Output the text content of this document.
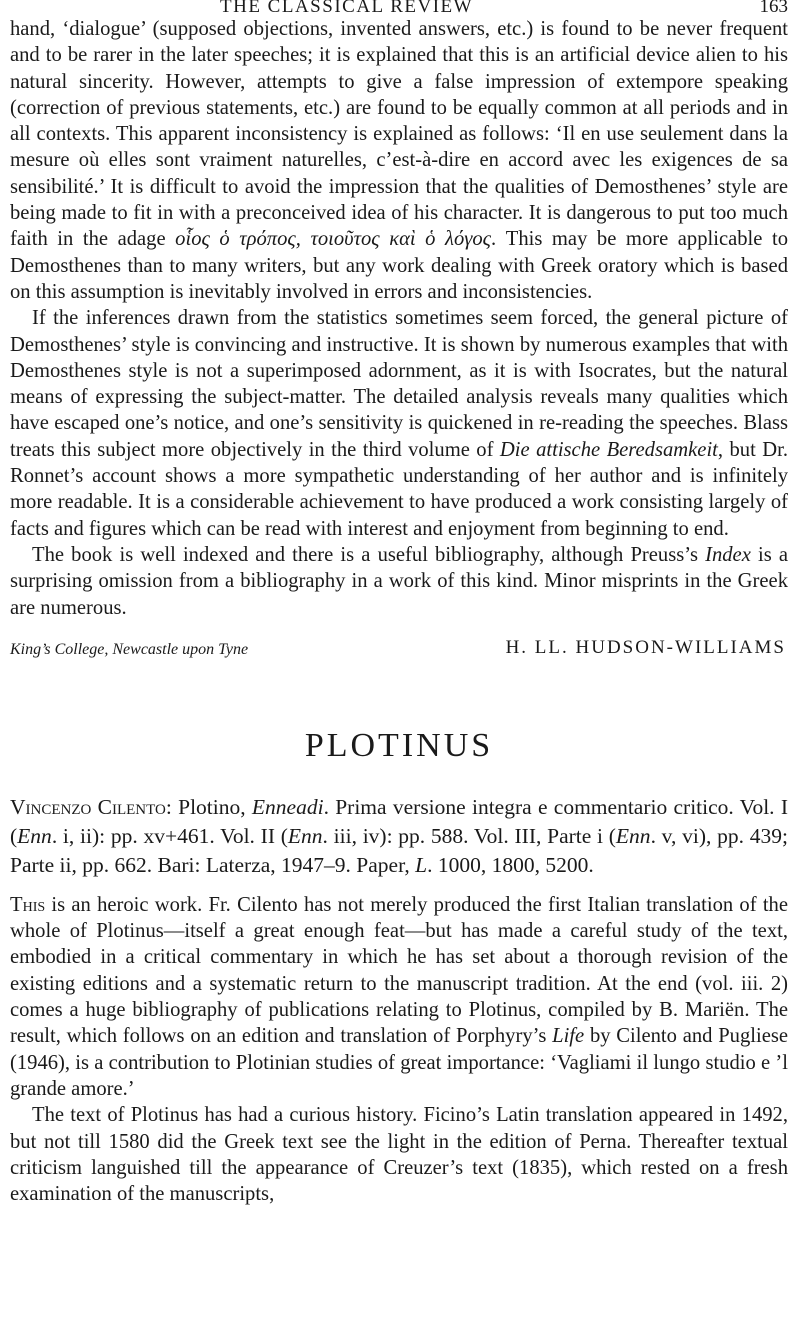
THE CLASSICAL REVIEW	163

hand, ‘dialogue’ (supposed objections, invented answers, etc.) is found to be never frequent and to be rarer in the later speeches; it is explained that this is an artificial device alien to his natural sincerity. However, attempts to give a false impression of extempore speaking (correction of previous statements, etc.) are found to be equally common at all periods and in all contexts. This apparent inconsistency is explained as follows: ‘Il en use seulement dans la mesure où elles sont vraiment naturelles, c’est-à-dire en accord avec les exigences de sa sensibilité.’ It is difficult to avoid the impression that the qualities of Demosthenes’ style are being made to fit in with a preconceived idea of his character. It is dangerous to put too much faith in the adage οἷος ὁ τρόπος, τοιοῦτος καὶ ὁ λόγος. This may be more applicable to Demosthenes than to many writers, but any work dealing with Greek oratory which is based on this assumption is inevitably involved in errors and inconsistencies.

If the inferences drawn from the statistics sometimes seem forced, the general picture of Demosthenes’ style is convincing and instructive. It is shown by numerous examples that with Demosthenes style is not a superimposed adornment, as it is with Isocrates, but the natural means of expressing the subject-matter. The detailed analysis reveals many qualities which have escaped one’s notice, and one’s sensitivity is quickened in re-reading the speeches. Blass treats this subject more objectively in the third volume of Die attische Beredsamkeit, but Dr. Ronnet’s account shows a more sympathetic understanding of her author and is infinitely more readable. It is a considerable achievement to have produced a work consisting largely of facts and figures which can be read with interest and enjoyment from beginning to end.

The book is well indexed and there is a useful bibliography, although Preuss’s Index is a surprising omission from a bibliography in a work of this kind. Minor misprints in the Greek are numerous.

King’s College, Newcastle upon Tyne	H. LL. HUDSON-WILLIAMS
PLOTINUS

Vincenzo Cilento: Plotino, Enneadi. Prima versione integra e commentario critico. Vol. I (Enn. i, ii): pp. xv+461. Vol. II (Enn. iii, iv): pp. 588. Vol. III, Parte i (Enn. v, vi), pp. 439; Parte ii, pp. 662. Bari: Laterza, 1947–9. Paper, L. 1000, 1800, 5200.

This is an heroic work. Fr. Cilento has not merely produced the first Italian translation of the whole of Plotinus—itself a great enough feat—but has made a careful study of the text, embodied in a critical commentary in which he has set about a thorough revision of the existing editions and a systematic return to the manuscript tradition. At the end (vol. iii. 2) comes a huge bibliography of publications relating to Plotinus, compiled by B. Mariën. The result, which follows on an edition and translation of Porphyry’s Life by Cilento and Pugliese (1946), is a contribution to Plotinian studies of great importance: ‘Vagliami il lungo studio e ’l grande amore.’

The text of Plotinus has had a curious history. Ficino’s Latin translation appeared in 1492, but not till 1580 did the Greek text see the light in the edition of Perna. Thereafter textual criticism languished till the appearance of Creuzer’s text (1835), which rested on a fresh examination of the manuscripts,
